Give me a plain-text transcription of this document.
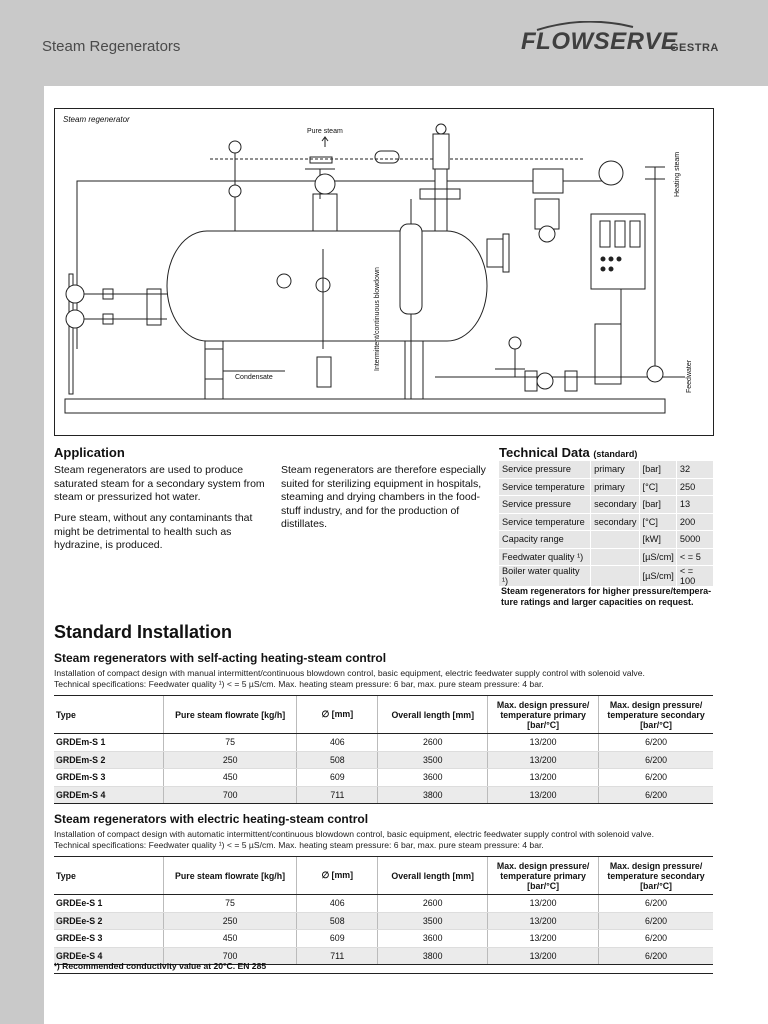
Steam Regenerators	FLOWSERVE
GESTRA
Steam regenerator
Pure steam
Heating steam
Condensate
Intermittent/continuous blowdown
Feedwater
Application

Steam regenerators are used to produce saturated steam for a secondary system from steam or pressurized hot water.

Pure steam, without any contaminants that might be detrimental to health such as hydrazine, is produced.

Steam regenerators are therefore especially suited for sterilizing equipment in hospitals, steaming and drying chambers in the food-stuff industry, and for the production of distillates.

Technical Data (standard)
Service pressure	primary	[bar]	32
Service temperature	primary	[°C]	250
Service pressure	secondary	[bar]	13
Service temperature	secondary	[°C]	200
Capacity range		[kW]	5000
Feedwater quality ¹)		[µS/cm]	< = 5
Boiler water quality ¹)		[µS/cm]	< = 100
Steam regenerators for higher pressure/tempera-ture ratings and larger capacities on request.
Standard Installation
Steam regenerators with self-acting heating-steam control

Installation of compact design with manual intermittent/continuous blowdown control, basic equipment, electric feedwater supply control with solenoid valve.

Technical specifications: Feedwater quality ¹) < = 5 µS/cm. Max. heating steam pressure: 6 bar, max. pure steam pressure: 4 bar.

Type	Pure steam flowrate [kg/h]	∅ [mm]	Overall length [mm]	Max. design pressure/ temperature primary [bar/°C]	Max. design pressure/ temperature secondary [bar/°C]
GRDEm-S 1	75	406	2600	13/200	6/200
GRDEm-S 2	250	508	3500	13/200	6/200
GRDEm-S 3	450	609	3600	13/200	6/200
GRDEm-S 4	700	711	3800	13/200	6/200
Steam regenerators with electric heating-steam control

Installation of compact design with automatic intermittent/continuous blowdown control, basic equipment, electric feedwater supply control with solenoid valve.

Technical specifications: Feedwater quality ¹) < = 5 µS/cm. Max. heating steam pressure: 6 bar, max. pure steam pressure: 4 bar.

Type	Pure steam flowrate [kg/h]	∅ [mm]	Overall length [mm]	Max. design pressure/ temperature primary [bar/°C]	Max. design pressure/ temperature secondary [bar/°C]
GRDEe-S 1	75	406	2600	13/200	6/200
GRDEe-S 2	250	508	3500	13/200	6/200
GRDEe-S 3	450	609	3600	13/200	6/200
GRDEe-S 4	700	711	3800	13/200	6/200
¹) Recommended conductivity value at 20°C. EN 285
